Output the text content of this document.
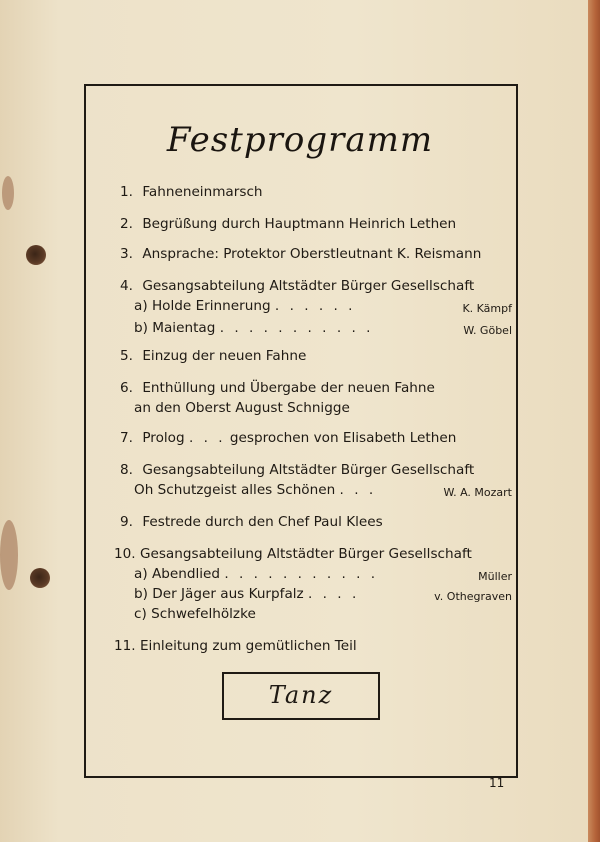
Festprogramm
1. Fahneneinmarsch
2. Begrüßung durch Hauptmann Heinrich Lethen
3. Ansprache: Protektor Oberstleutnant K. Reismann
4. Gesangsabteilung Altstädter Bürger Gesellschaft
a) Holde Erinnerung . . . . . .	K. Kämpf
b) Maientag . . . . . . . . . . .	W. Göbel
5. Einzug der neuen Fahne
6. Enthüllung und Übergabe der neuen Fahne
an den Oberst August Schnigge
7. Prolog . . . gesprochen von Elisabeth Lethen
8. Gesangsabteilung Altstädter Bürger Gesellschaft
Oh Schutzgeist alles Schönen . . .	W. A. Mozart
9. Festrede durch den Chef Paul Klees
10. Gesangsabteilung Altstädter Bürger Gesellschaft
a) Abendlied . . . . . . . . . . .	Müller
b) Der Jäger aus Kurpfalz . . . .	v. Othegraven
c) Schwefelhölzke
11. Einleitung zum gemütlichen Teil
Tanz
11
